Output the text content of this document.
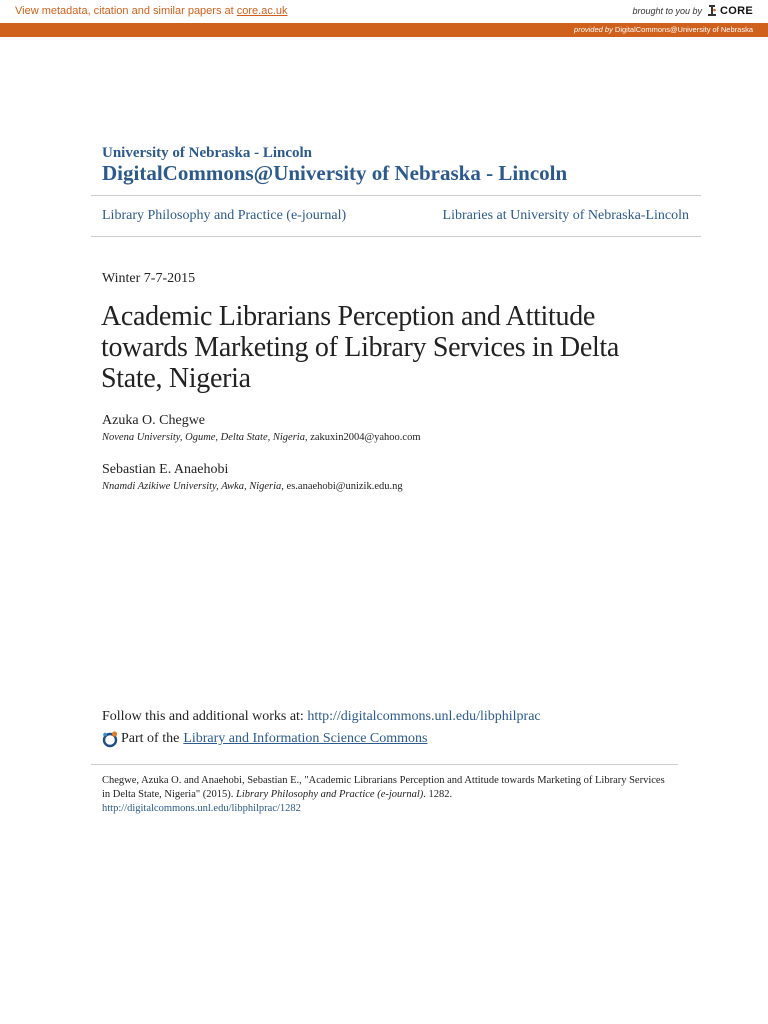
View metadata, citation and similar papers at core.ac.uk	brought to you by CORE
provided by DigitalCommons@University of Nebraska
University of Nebraska - Lincoln
DigitalCommons@University of Nebraska - Lincoln
Library Philosophy and Practice (e-journal)	Libraries at University of Nebraska-Lincoln
Winter 7-7-2015
Academic Librarians Perception and Attitude towards Marketing of Library Services in Delta State, Nigeria
Azuka O. Chegwe
Novena University, Ogume, Delta State, Nigeria, zakuxin2004@yahoo.com
Sebastian E. Anaehobi
Nnamdi Azikiwe University, Awka, Nigeria, es.anaehobi@unizik.edu.ng
Follow this and additional works at: http://digitalcommons.unl.edu/libphilprac
Part of the Library and Information Science Commons
Chegwe, Azuka O. and Anaehobi, Sebastian E., "Academic Librarians Perception and Attitude towards Marketing of Library Services in Delta State, Nigeria" (2015). Library Philosophy and Practice (e-journal). 1282.
http://digitalcommons.unl.edu/libphilprac/1282
